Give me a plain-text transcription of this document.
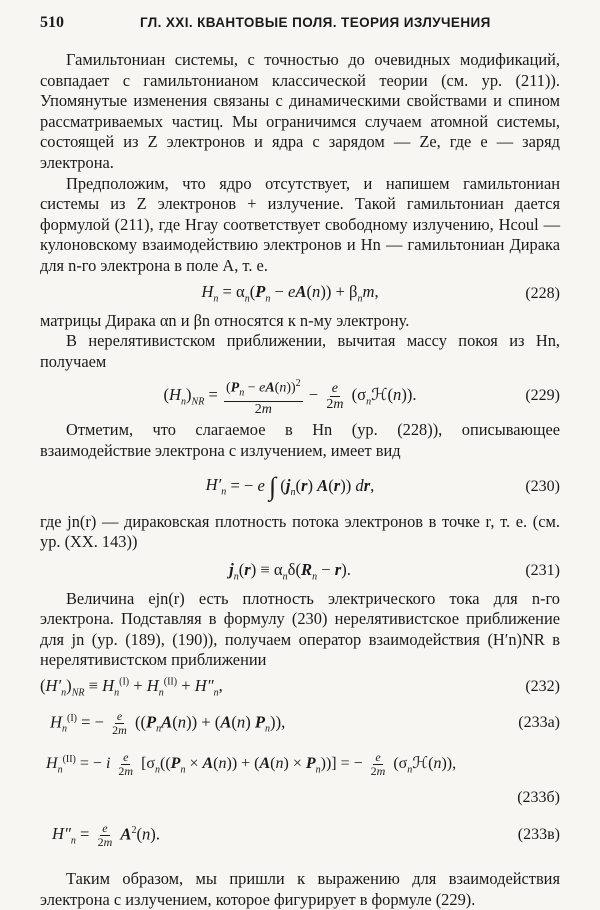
510	ГЛ. XXI. КВАНТОВЫЕ ПОЛЯ. ТЕОРИЯ ИЗЛУЧЕНИЯ

Гамильтониан системы, с точностью до очевидных модификаций, совпадает с гамильтонианом классической теории (см. ур. (211)). Упомянутые изменения связаны с динамическими свойствами и спином рассматриваемых частиц. Мы ограничимся случаем атомной системы, состоящей из Z электронов и ядра с зарядом — Ze, где e — заряд электрона.

Предположим, что ядро отсутствует, и напишем гамильтониан системы из Z электронов + излучение. Такой гамильтониан дается формулой (211), где Hгау соответствует свободному излучению, Hcoul — кулоновскому взаимодействию электронов и Hn — гамильтониан Дирака для n-го электрона в поле A, т. е.

$H_n = \alpha_n(P_n - eA(n)) + \beta_nm$,	(228)

матрицы Дирака αn и βn относятся к n-му электрону.

В нерелятивистском приближении, вычитая массу покоя из Hn, получаем

$(H_n)_{NR} = \frac{(P_n - eA(n))^2}{2m} - \frac{e}{2m}$ $(\sigma_nℋ(n))$.	(229)

Отметим, что слагаемое в Hn (ур. (228)), описывающее взаимодействие электрона с излучением, имеет вид

$H'_n$ = − e ∫ ($j_n(r)$ A(r)) dr,	(230)

где jn(r) — дираковская плотность потока электронов в точке r, т. е. (см. ур. (XX. 143))

$j_n(r) \equiv \alpha_n\delta(R_n - r)$.	(231)

Величина ejn(r) есть плотность электрического тока для n-го электрона. Подставляя в формулу (230) нерелятивистское приближение для jn (ур. (189), (190)), получаем оператор взаимодействия (H′n)NR в нерелятивистском приближении

$(H'_n)_{NR} \equiv H_n^{(I)} + H_n^{(II)} + H''_n$,	(232)
$H_n^{(I)}$ = − $\frac{e}{2m} ((P_nA(n)) + (A(n)$ $P_n$)),	(233а)
$H_n^{(II)}$ = − i $\frac{e}{2m} [\sigma_n((P_n \times A(n)) + (A(n) \times P_n))]$ = − $\frac{e}{2m}$ $(\sigma_nℋ(n))$,
(233б)
$H''_n = \frac{e}{2m} A^2(n)$.	(233в)

Таким образом, мы пришли к выражению для взаимодействия электрона с излучением, которое фигурирует в формуле (229).
